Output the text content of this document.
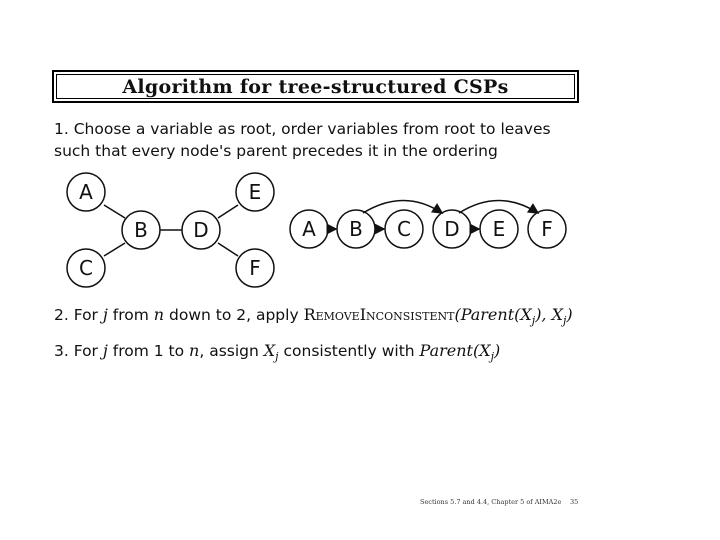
Algorithm for tree-structured CSPs
1. Choose a variable as root, order variables from root to leaves
such that every node's parent precedes it in the ordering
A
B
C
D
E
F
A B C D E F
2. For j from n down to 2, apply $RemoveInconsistent(Parent(X_j)$, $X_j$)
3. For j from 1 to n, assign $X_j$ consistently with $Parent(X_j)$
Sections 5.7 and 4.4, Chapter 5 of AIMA2e 35
